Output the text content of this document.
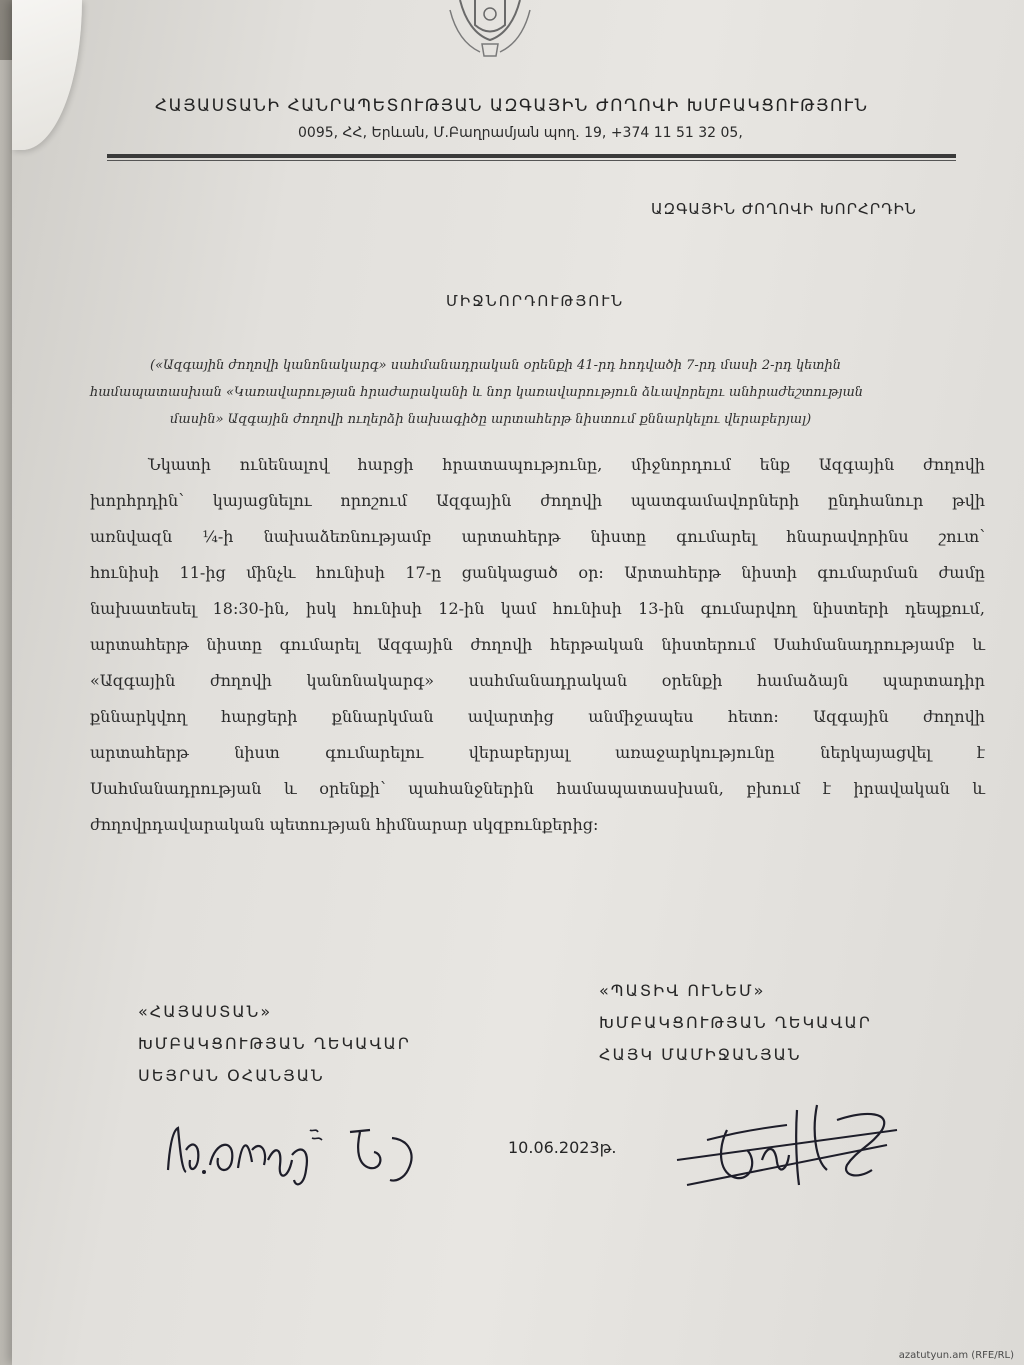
ՀԱՅԱՍՏԱՆԻ ՀԱՆՐԱՊԵՏՈՒԹՅԱՆ ԱԶԳԱՅԻՆ ԺՈՂՈՎԻ ԽՄԲԱԿՑՈՒԹՅՈՒՆ
0095, ՀՀ, Երևան, Մ.Բաղրամյան պող. 19, +374 11 51 32 05,
ԱԶԳԱՅԻՆ ԺՈՂՈՎԻ ԽՈՐՀՐԴԻՆ
ՄԻՋՆՈՐԴՈՒԹՅՈՒՆ
(«Ազգային ժողովի կանոնակարգ» սահմանադրական օրենքի 41-րդ հոդվածի 7-րդ մասի 2-րդ կետին
համապատասխան «Կառավարության հրաժարականի և նոր կառավարություն ձևավորելու անհրաժեշտության
մասին» Ազգային ժողովի ուղերձի նախագիծը արտահերթ նիստում քննարկելու վերաբերյալ)
Նկատի ունենալով հարցի հրատապությունը, միջնորդում ենք Ազգային ժողովի
խորհրդին՝ կայացնելու որոշում Ազգային ժողովի պատգամավորների ընդհանուր թվի
առնվազն ¼-ի նախաձեռնությամբ արտահերթ նիստը գումարել հնարավորինս շուտ՝
հունիսի 11-ից մինչև հունիսի 17-ը ցանկացած օր: Արտահերթ նիստի գումարման ժամը
նախատեսել 18:30-ին, իսկ հունիսի 12-ին կամ հունիսի 13-ին գումարվող նիստերի դեպքում,
արտահերթ նիստը գումարել Ազգային ժողովի հերթական նիստերում Սահմանադրությամբ և
«Ազգային ժողովի կանոնակարգ» սահմանադրական օրենքի համաձայն պարտադիր
քննարկվող հարցերի քննարկման ավարտից անմիջապես հետո: Ազգային ժողովի
արտահերթ	նիստ	գումարելու	վերաբերյալ	առաջարկությունը	ներկայացվել	է
Սահմանադրության և օրենքի՝ պահանջներին համապատասխան, բխում է իրավական և
ժողովրդավարական պետության հիմնարար սկզբունքերից:
«ՀԱՅԱՍՏԱՆ»
ԽՄԲԱԿՑՈՒԹՅԱՆ ՂԵԿԱՎԱՐ
ՍԵՅՐԱՆ ՕՀԱՆՅԱՆ
«ՊԱՏԻՎ ՈՒՆԵՄ»
ԽՄԲԱԿՑՈՒԹՅԱՆ ՂԵԿԱՎԱՐ
ՀԱՅԿ ՄԱՄԻՋԱՆՅԱՆ
10.06.2023թ.
azatutyun.am (RFE/RL)
